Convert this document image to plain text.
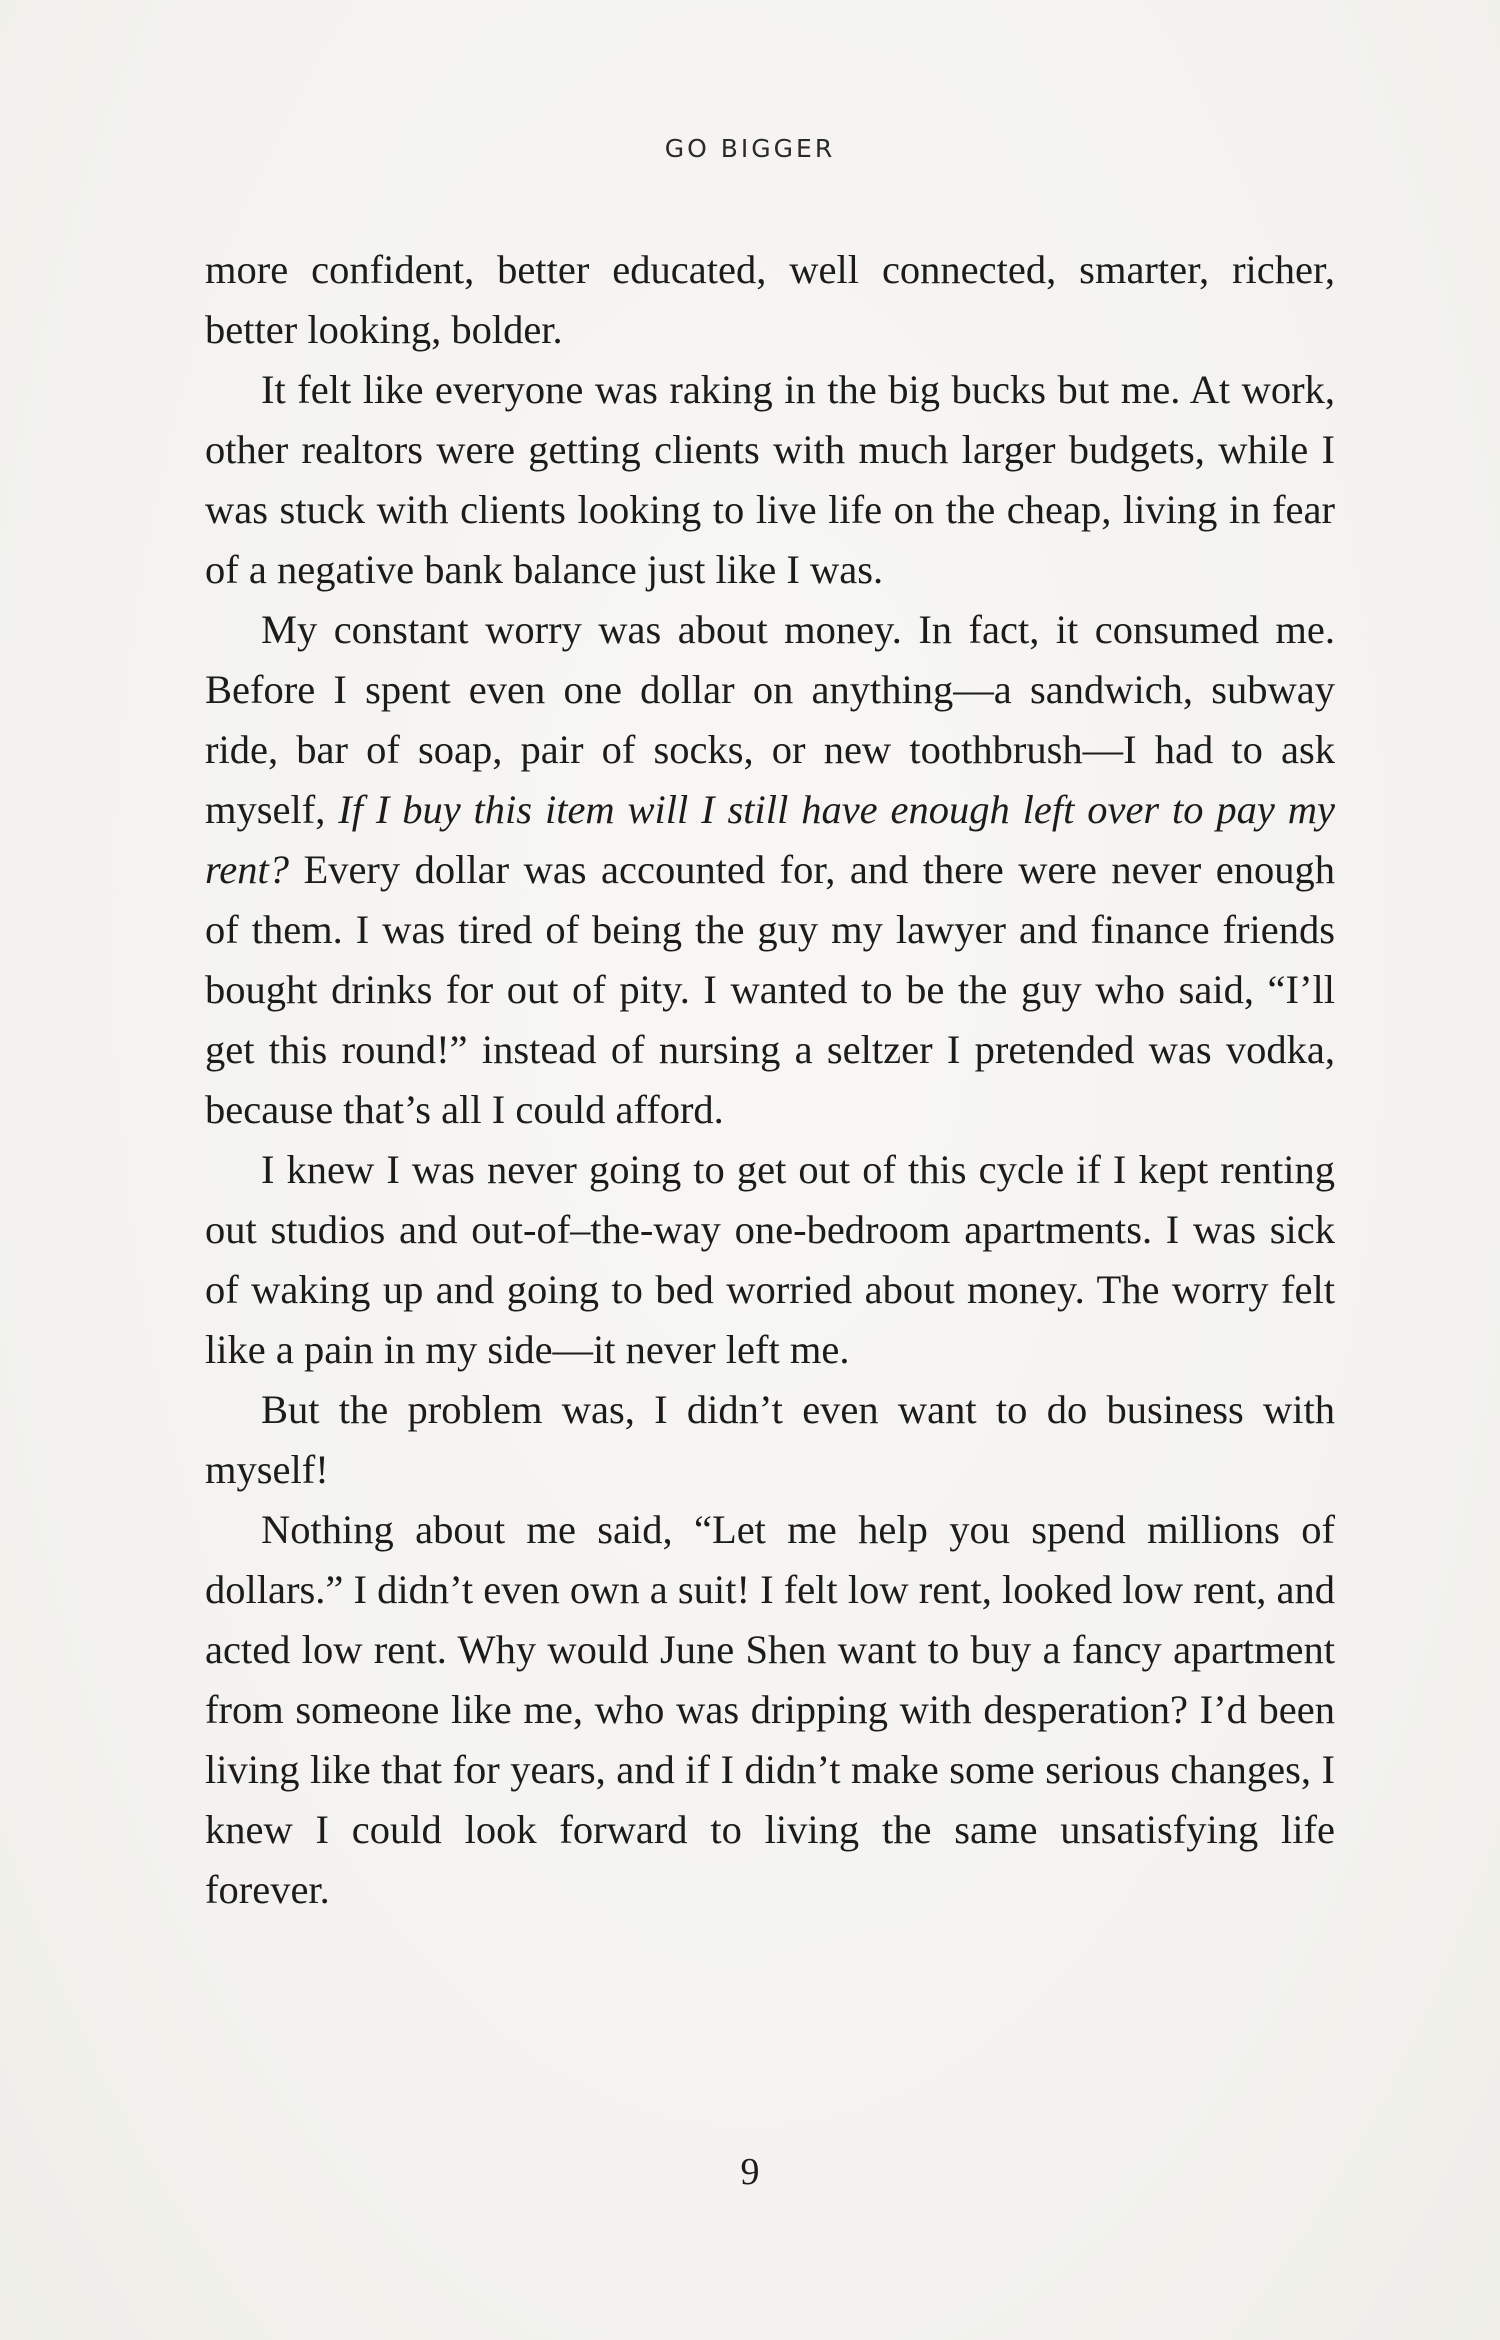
GO BIGGER

more confident, better educated, well connected, smarter, richer, better looking, bolder.

It felt like everyone was raking in the big bucks but me. At work, other realtors were getting clients with much larger budgets, while I was stuck with clients looking to live life on the cheap, living in fear of a negative bank balance just like I was.

My constant worry was about money. In fact, it consumed me. Before I spent even one dollar on anything—a sandwich, subway ride, bar of soap, pair of socks, or new toothbrush—I had to ask myself, If I buy this item will I still have enough left over to pay my rent? Every dollar was accounted for, and there were never enough of them. I was tired of being the guy my lawyer and finance friends bought drinks for out of pity. I wanted to be the guy who said, “I’ll get this round!” instead of nursing a seltzer I pretended was vodka, because that’s all I could afford.

I knew I was never going to get out of this cycle if I kept renting out studios and out-of–the-way one-bedroom apartments. I was sick of waking up and going to bed worried about money. The worry felt like a pain in my side—it never left me.

But the problem was, I didn’t even want to do business with myself!

Nothing about me said, “Let me help you spend millions of dollars.” I didn’t even own a suit! I felt low rent, looked low rent, and acted low rent. Why would June Shen want to buy a fancy apartment from someone like me, who was dripping with desperation? I’d been living like that for years, and if I didn’t make some serious changes, I knew I could look forward to living the same unsatisfying life forever.

9
